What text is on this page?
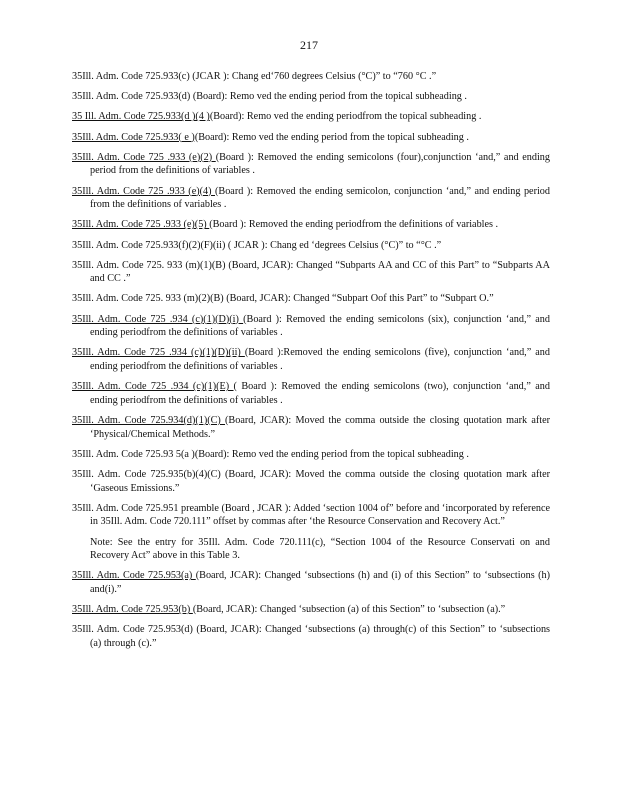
217
35Ill. Adm. Code 725.933(c) (JCAR ): Chang ed‘760 degrees Celsius (°C)” to “760 °C .”
35Ill. Adm. Code 725.933(d) (Board): Remo ved the ending period from the topical subheading .
35 Ill. Adm. Code 725.933(d )(4 )(Board): Remo ved the ending periodfrom the topical subheading .
35Ill. Adm. Code 725.933( e )(Board): Remo ved the ending period from the topical subheading .
35Ill. Adm. Code 725 .933 (e)(2) (Board ): Removed the ending semicolons (four),conjunction ‘and,” and ending period from the definitions of variables .
35Ill. Adm. Code 725 .933 (e)(4) (Board ): Removed the ending semicolon, conjunction ‘and,” and ending period from the definitions of variables .
35Ill. Adm. Code 725 .933 (e)(5) (Board ): Removed the ending periodfrom the definitions of variables .
35Ill. Adm. Code 725.933(f)(2)(F)(ii) ( JCAR ): Chang ed ‘degrees Celsius (°C)” to “°C .”
35Ill. Adm. Code 725. 933 (m)(1)(B) (Board, JCAR): Changed “Subparts AA and CC of this Part” to “Subparts AA and CC .”
35Ill. Adm. Code 725. 933 (m)(2)(B) (Board, JCAR): Changed “Subpart Oof this Part” to “Subpart O.”
35Ill. Adm. Code 725 .934 (c)(1)(D)(i) (Board ): Removed the ending semicolons (six), conjunction ‘and,” and ending periodfrom the definitions of variables .
35Ill. Adm. Code 725 .934 (c)(1)(D)(ii) (Board ):Removed the ending semicolons (five), conjunction ‘and,” and ending periodfrom the definitions of variables .
35Ill. Adm. Code 725 .934 (c)(1)(E) ( Board ): Removed the ending semicolons (two), conjunction ‘and,” and ending periodfrom the definitions of variables .
35Ill. Adm. Code 725.934(d)(1)(C) (Board, JCAR): Moved the comma outside the closing quotation mark after ‘Physical/Chemical Methods.”
35Ill. Adm. Code 725.93 5(a )(Board): Remo ved the ending period from the topical subheading .
35Ill. Adm. Code 725.935(b)(4)(C) (Board, JCAR): Moved the comma outside the closing quotation mark after ‘Gaseous Emissions.”
35Ill. Adm. Code 725.951 preamble (Board , JCAR ): Added ‘section 1004 of” before and ‘incorporated by reference in 35Ill. Adm. Code 720.111” offset by commas after ‘the Resource Conservation and Recovery Act.”
Note: See the entry for 35Ill. Adm. Code 720.111(c), “Section 1004 of the Resource Conservati on and Recovery Act” above in this Table 3.
35Ill. Adm. Code 725.953(a) (Board, JCAR): Changed ‘subsections (h) and (i) of this Section” to ‘subsections (h) and(i).”
35Ill. Adm. Code 725.953(b) (Board, JCAR): Changed ‘subsection (a) of this Section” to ‘subsection (a).”
35Ill. Adm. Code 725.953(d) (Board, JCAR): Changed ‘subsections (a) through(c) of this Section” to ‘subsections (a) through (c).”
